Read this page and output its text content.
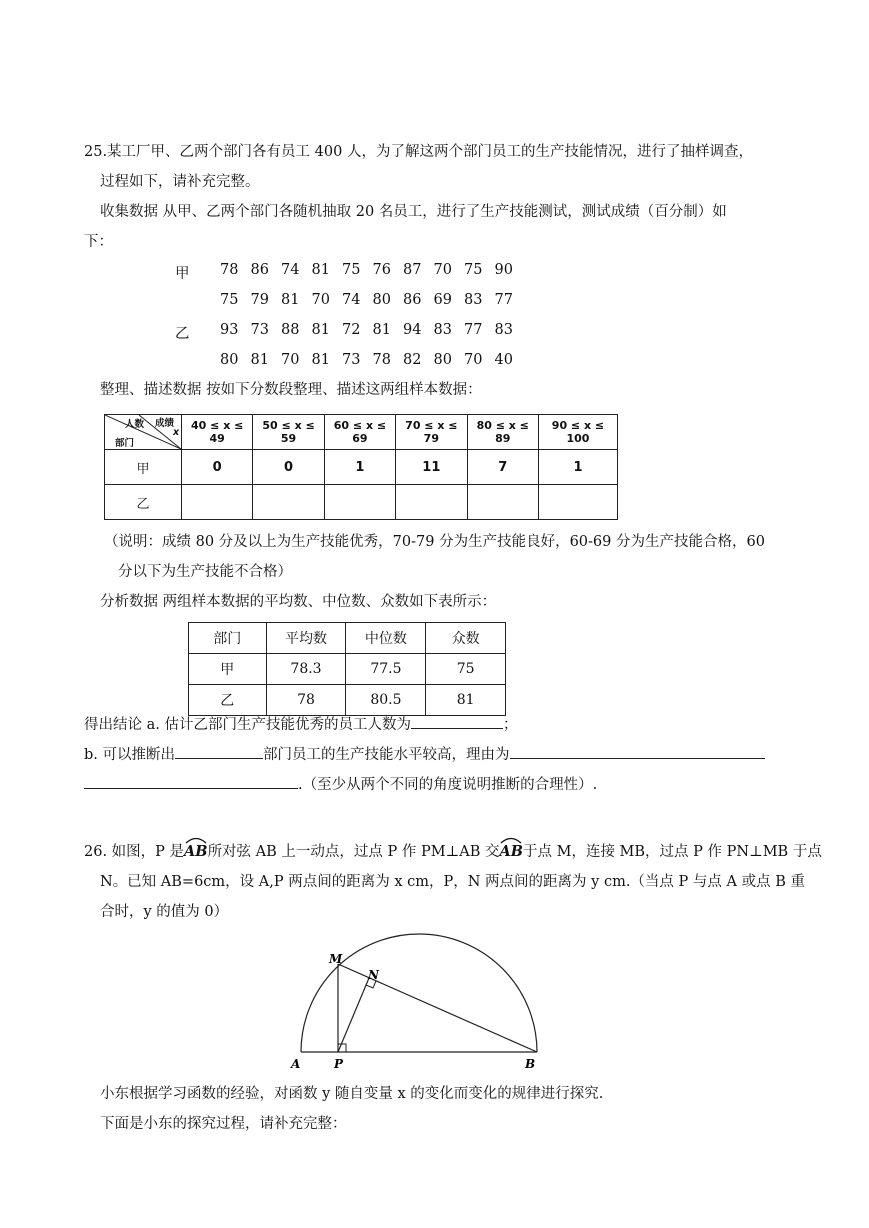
25.某工厂甲、乙两个部门各有员工 400 人，为了解这两个部门员工的生产技能情况，进行了抽样调查，
过程如下，请补充完整。
收集数据 从甲、乙两个部门各随机抽取 20 名员工，进行了生产技能测试，测试成绩（百分制）如
下：
甲 78 86 74 81 75 76 87 70 75 90
75 79 81 70 74 80 86 69 83 77
乙 93 73 88 81 72 81 94 83 77 83
80 81 70 81 73 78 82 80 70 40
整理、描述数据 按如下分数段整理、描述这两组样本数据：
人数 成绩
x
部门	40 ≤ x ≤ 49	50 ≤ x ≤ 59	60 ≤ x ≤ 69	70 ≤ x ≤ 79	80 ≤ x ≤ 89	90 ≤ x ≤ 100
甲	0	0	1	11	7	1
乙						
（说明：成绩 80 分及以上为生产技能优秀，70-79 分为生产技能良好，60-69 分为生产技能合格，60
分以下为生产技能不合格）
分析数据 两组样本数据的平均数、中位数、众数如下表所示：
部门	平均数	中位数	众数
甲	78.3	77.5	75
乙	78	80.5	81
得出结论 a. 估计乙部门生产技能优秀的员工人数为	；
b. 可以推断出	部门员工的生产技能水平较高，理由为
.（至少从两个不同的角度说明推断的合理性）.
26. 如图，P 是
AB所对弦 AB 上一动点，过点 P 作 PM⊥AB 交
AB于点 M，连接 MB，过点 P 作 PN⊥MB 于点
N。已知 AB=6cm，设 A,P 两点间的距离为 x cm，P，N 两点间的距离为 y cm.（当点 P 与点 A 或点 B 重
合时，y 的值为 0）
M
N
A	P	B
小东根据学习函数的经验，对函数 y 随自变量 x 的变化而变化的规律进行探究.
下面是小东的探究过程，请补充完整：
